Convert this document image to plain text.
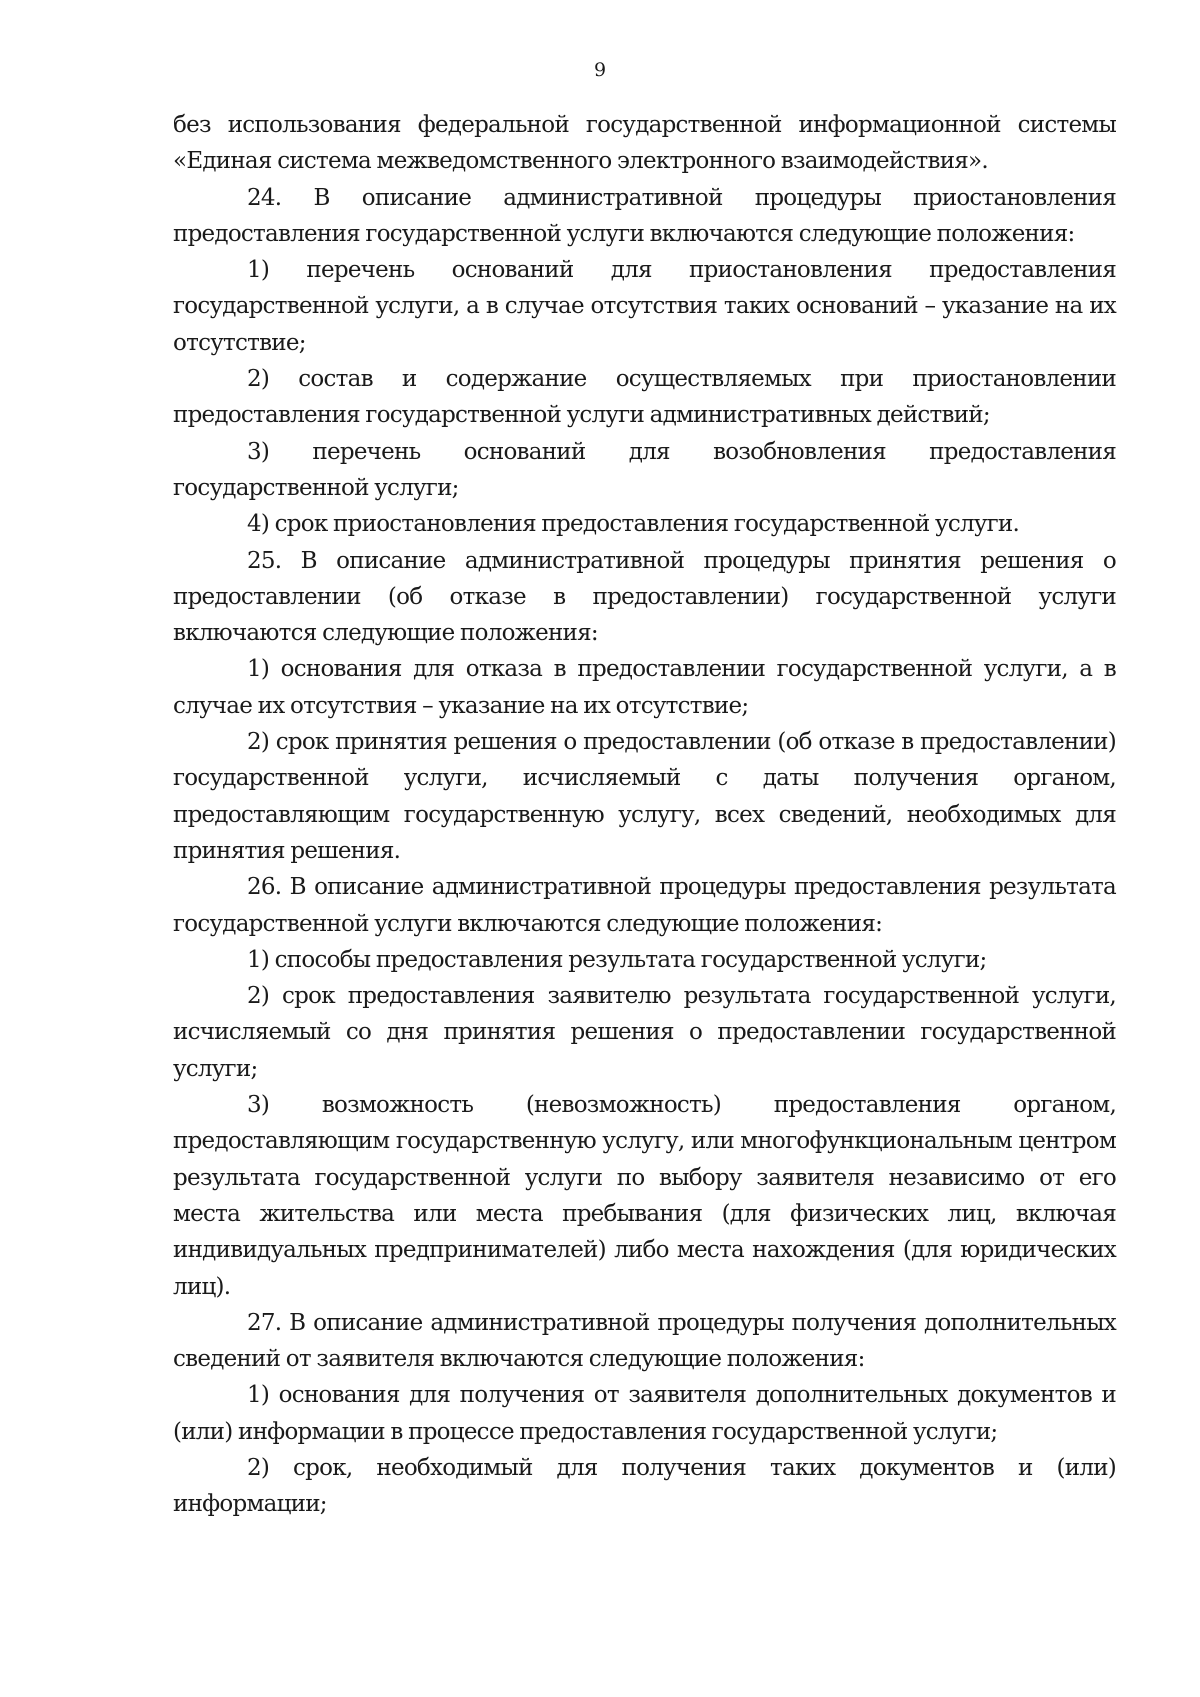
9

без использования федеральной государственной информационной системы «Единая система межведомственного электронного взаимодействия».

24. В описание административной процедуры приостановления предоставления государственной услуги включаются следующие положения:

1) перечень оснований для приостановления предоставления государственной услуги, а в случае отсутствия таких оснований – указание на их отсутствие;

2) состав и содержание осуществляемых при приостановлении предоставления государственной услуги административных действий;

3) перечень оснований для возобновления предоставления государственной услуги;

4) срок приостановления предоставления государственной услуги.

25. В описание административной процедуры принятия решения о предоставлении (об отказе в предоставлении) государственной услуги включаются следующие положения:

1) основания для отказа в предоставлении государственной услуги, а в случае их отсутствия – указание на их отсутствие;

2) срок принятия решения о предоставлении (об отказе в предоставлении) государственной услуги, исчисляемый с даты получения органом, предоставляющим государственную услугу, всех сведений, необходимых для принятия решения.

26. В описание административной процедуры предоставления результата государственной услуги включаются следующие положения:

1) способы предоставления результата государственной услуги;

2) срок предоставления заявителю результата государственной услуги, исчисляемый со дня принятия решения о предоставлении государственной услуги;

3) возможность (невозможность) предоставления органом, предоставляющим государственную услугу, или многофункциональным центром результата государственной услуги по выбору заявителя независимо от его места жительства или места пребывания (для физических лиц, включая индивидуальных предпринимателей) либо места нахождения (для юридических лиц).

27. В описание административной процедуры получения дополнительных сведений от заявителя включаются следующие положения:

1) основания для получения от заявителя дополнительных документов и (или) информации в процессе предоставления государственной услуги;

2) срок, необходимый для получения таких документов и (или) информации;
